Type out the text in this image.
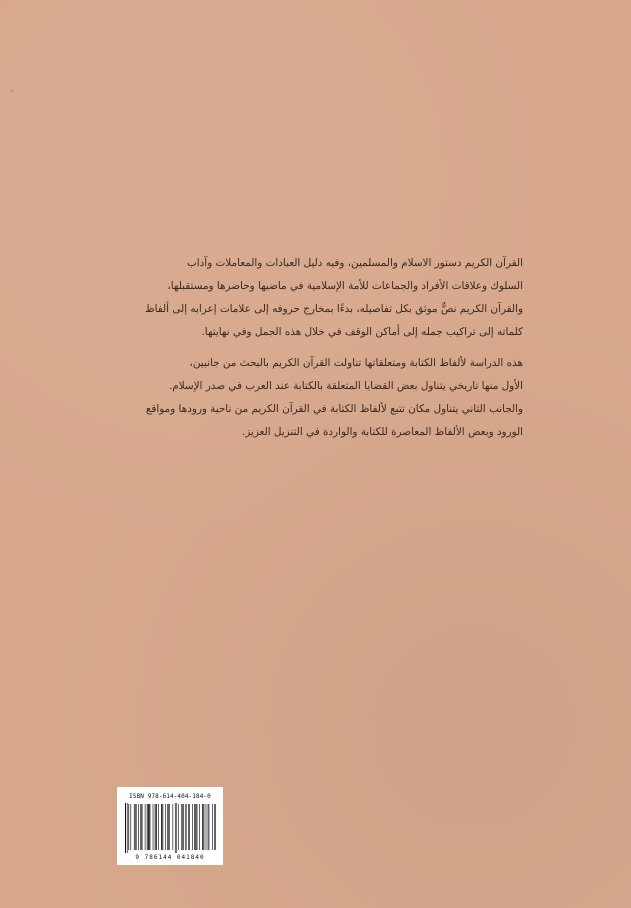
⌃
القرآن الكريم دستور الاسلام والمسلمين، وفيه دليل العبادات والمعاملات وآداب
السلوك وعلاقات الأفراد والجماعات للأمة الإسلامية في ماضيها وحاضرها ومستقبلها،
والقرآن الكريم نصٌّ موثق بكل تفاصيله، بدءًا بمخارج حروفه إلى علامات إعرابه إلى ألفاظ
كلماته إلى تراكيب جمله إلى أماكن الوقف في خلال هذه الجمل وفي نهايتها.
هذه الدراسة لألفاظ الكتابة ومتعلقاتها تناولت القرآن الكريم بالبحث من جانبين،
الأول منها تاريخي يتناول بعض القضايا المتعلقة بالكتابة عند العرب في صدر الإسلام.
والجانب الثاني يتناول مكان تتبع لألفاظ الكتابة في القرآن الكريم من ناحية ورودها ومواقع
الورود وبعض الألفاظ المعاصرة للكتابة والواردة في التنزيل العزيز.
ISBN 978-614-404-184-0
9 786144 041840
